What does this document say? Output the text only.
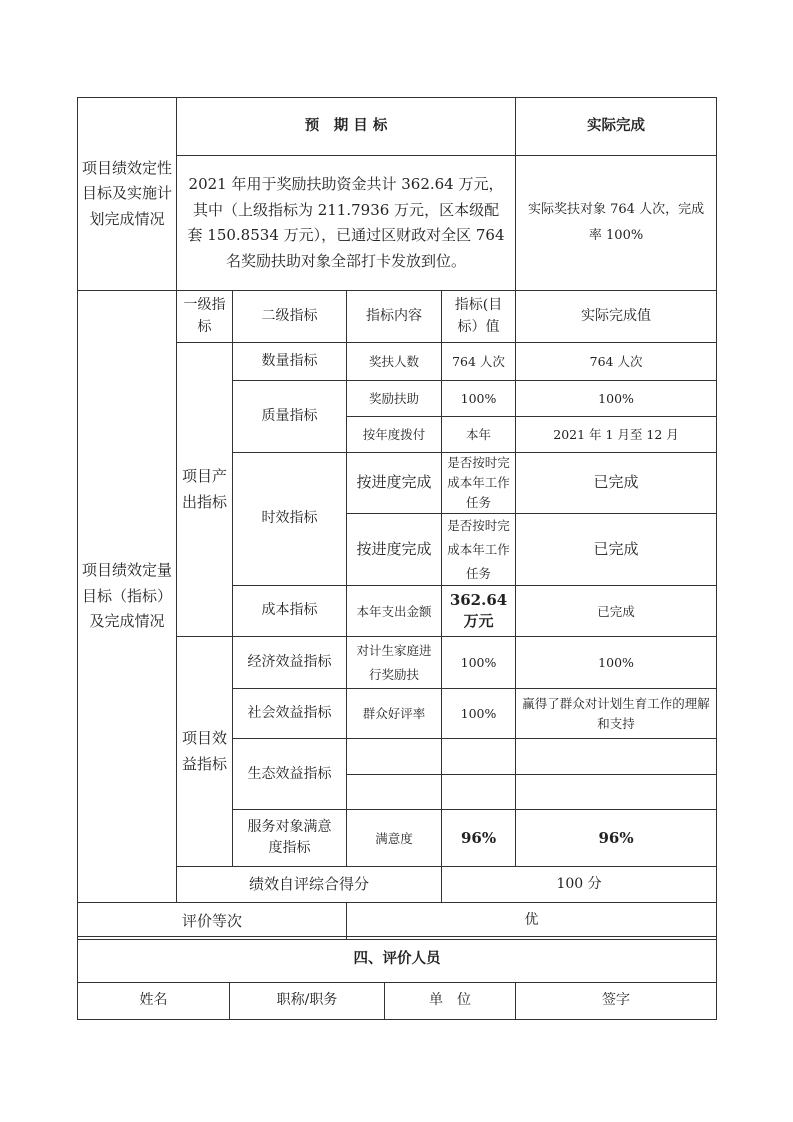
项目绩效定性目标及实施计划完成情况	预　期 目 标				实际完成
	2021 年用于奖励扶助资金共计 362.64 万元，其中（上级指标为 211.7936 万元，区本级配套 150.8534 万元），已通过区财政对全区 764 名奖励扶助对象全部打卡发放到位。				实际奖扶对象 764 人次，完成率 100%
项目绩效定量目标（指标）及完成情况	一级指标	二级指标	指标内容	指标(目标）值	实际完成值
	项目产出指标	数量指标	奖扶人数	764 人次	764 人次
		质量指标	奖励扶助	100%	100%
			按年度拨付	本年	2021 年 1 月至 12 月
		时效指标	按进度完成	是否按时完成本年工作任务	已完成
			按进度完成	是否按时完成本年工作任务	已完成
		成本指标	本年支出金额	362.64 万元	已完成
	项目效益指标	经济效益指标	对计生家庭进行奖励扶	100%	100%
		社会效益指标	群众好评率	100%	赢得了群众对计划生育工作的理解和支持
		生态效益指标			

		服务对象满意度指标	满意度	96%	96%
	绩效自评综合得分			100 分	
评价等次			优		
四、评价人员
姓名	职称/职务	单　位	签字
